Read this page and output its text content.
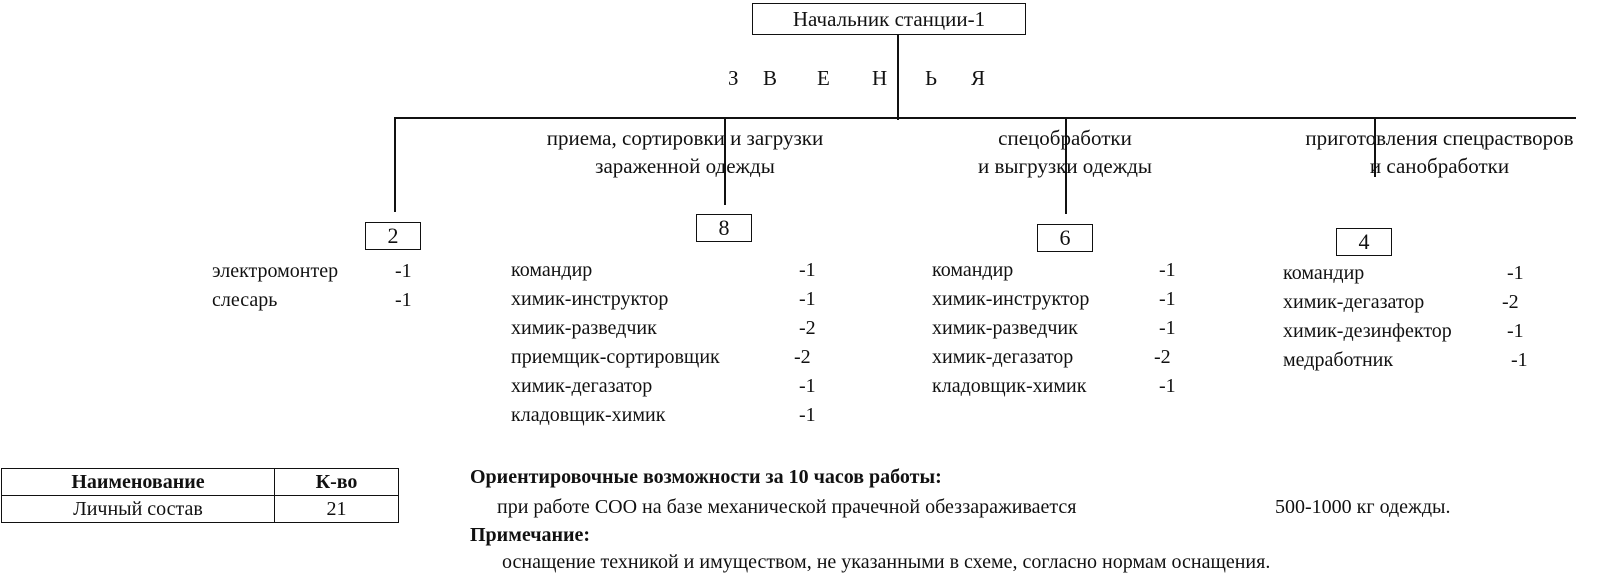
Начальник станции-1
З В Е Н Ь Я
приема, сортировки и загрузки
зараженной одежды
спецобработки
и выгрузки одежды
приготовления спецрастворов
и санобработки
2	8	6	4
электромонтер	-1
слесарь	-1
командир	-1
химик-инструктор	-1
химик-разведчик	-2
приемщик-сортировщик	-2
химик-дегазатор	-1
кладовщик-химик	-1
командир	-1
химик-инструктор	-1
химик-разведчик	-1
химик-дегазатор	-2
кладовщик-химик	-1
командир	-1
химик-дегазатор	-2
химик-дезинфектор	-1
медработник	-1
Наименование	К-во
Личный состав	21
Ориентировочные возможности за 10 часов работы:
при работе СОО на базе механической прачечной обеззараживается	500-1000 кг одежды.
Примечание:
оснащение техникой и имуществом, не указанными в схеме, согласно нормам оснащения.
